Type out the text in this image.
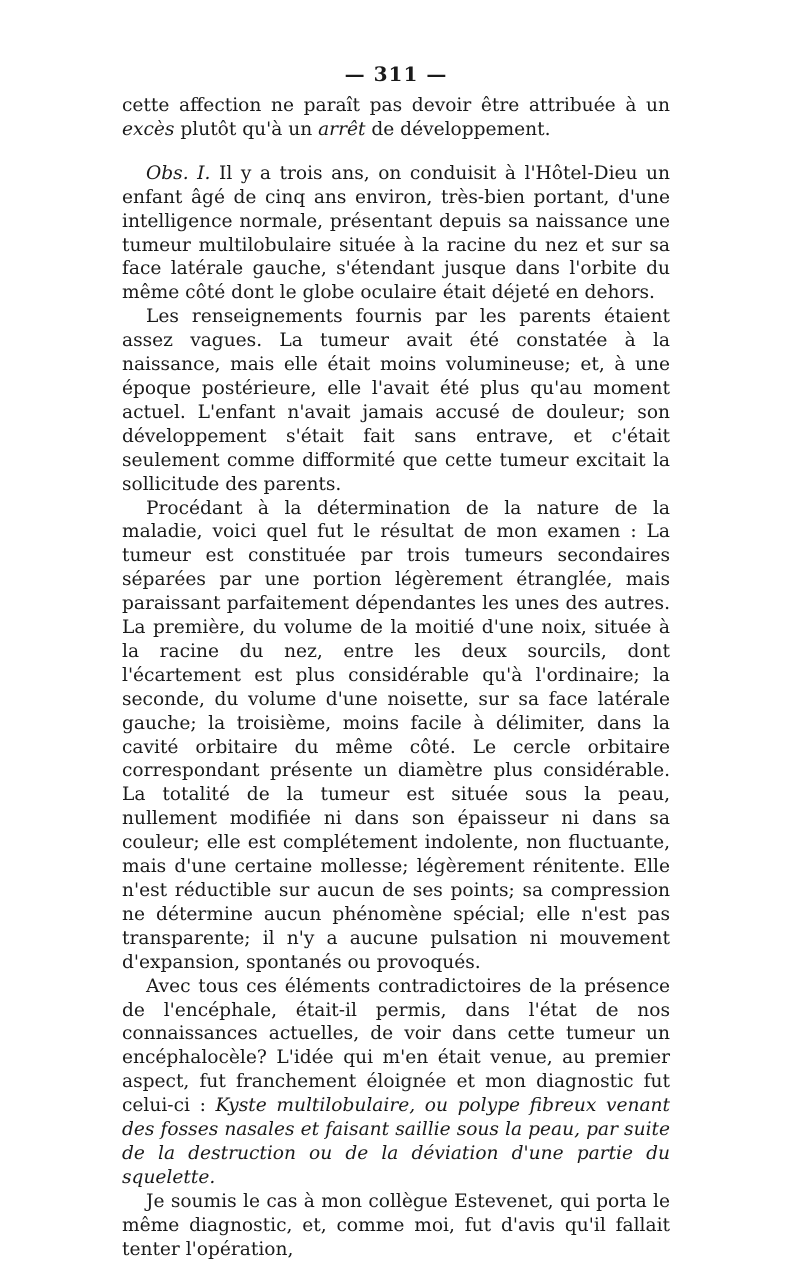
— 311 —

cette affection ne paraît pas devoir être attribuée à un excès plutôt qu'à un arrêt de développement.

Obs. I. Il y a trois ans, on conduisit à l'Hôtel-Dieu un enfant âgé de cinq ans environ, très-bien portant, d'une intelligence normale, présentant depuis sa naissance une tumeur multilobulaire située à la racine du nez et sur sa face latérale gauche, s'étendant jusque dans l'orbite du même côté dont le globe oculaire était déjeté en dehors.

Les renseignements fournis par les parents étaient assez vagues. La tumeur avait été constatée à la naissance, mais elle était moins volumineuse; et, à une époque postérieure, elle l'avait été plus qu'au moment actuel. L'enfant n'avait jamais accusé de douleur; son développement s'était fait sans entrave, et c'était seulement comme difformité que cette tumeur excitait la sollicitude des parents.

Procédant à la détermination de la nature de la maladie, voici quel fut le résultat de mon examen : La tumeur est constituée par trois tumeurs secondaires séparées par une portion légèrement étranglée, mais paraissant parfaitement dépendantes les unes des autres. La première, du volume de la moitié d'une noix, située à la racine du nez, entre les deux sourcils, dont l'écartement est plus considérable qu'à l'ordinaire; la seconde, du volume d'une noisette, sur sa face latérale gauche; la troisième, moins facile à délimiter, dans la cavité orbitaire du même côté. Le cercle orbitaire correspondant présente un diamètre plus considérable. La totalité de la tumeur est située sous la peau, nullement modifiée ni dans son épaisseur ni dans sa couleur; elle est complétement indolente, non fluctuante, mais d'une certaine mollesse; légèrement rénitente. Elle n'est réductible sur aucun de ses points; sa compression ne détermine aucun phénomène spécial; elle n'est pas transparente; il n'y a aucune pulsation ni mouvement d'expansion, spontanés ou provoqués.

Avec tous ces éléments contradictoires de la présence de l'encéphale, était-il permis, dans l'état de nos connaissances actuelles, de voir dans cette tumeur un encéphalocèle? L'idée qui m'en était venue, au premier aspect, fut franchement éloignée et mon diagnostic fut celui-ci : Kyste multilobulaire, ou polype fibreux venant des fosses nasales et faisant saillie sous la peau, par suite de la destruction ou de la déviation d'une partie du squelette.

Je soumis le cas à mon collègue Estevenet, qui porta le même diagnostic, et, comme moi, fut d'avis qu'il fallait tenter l'opération,
